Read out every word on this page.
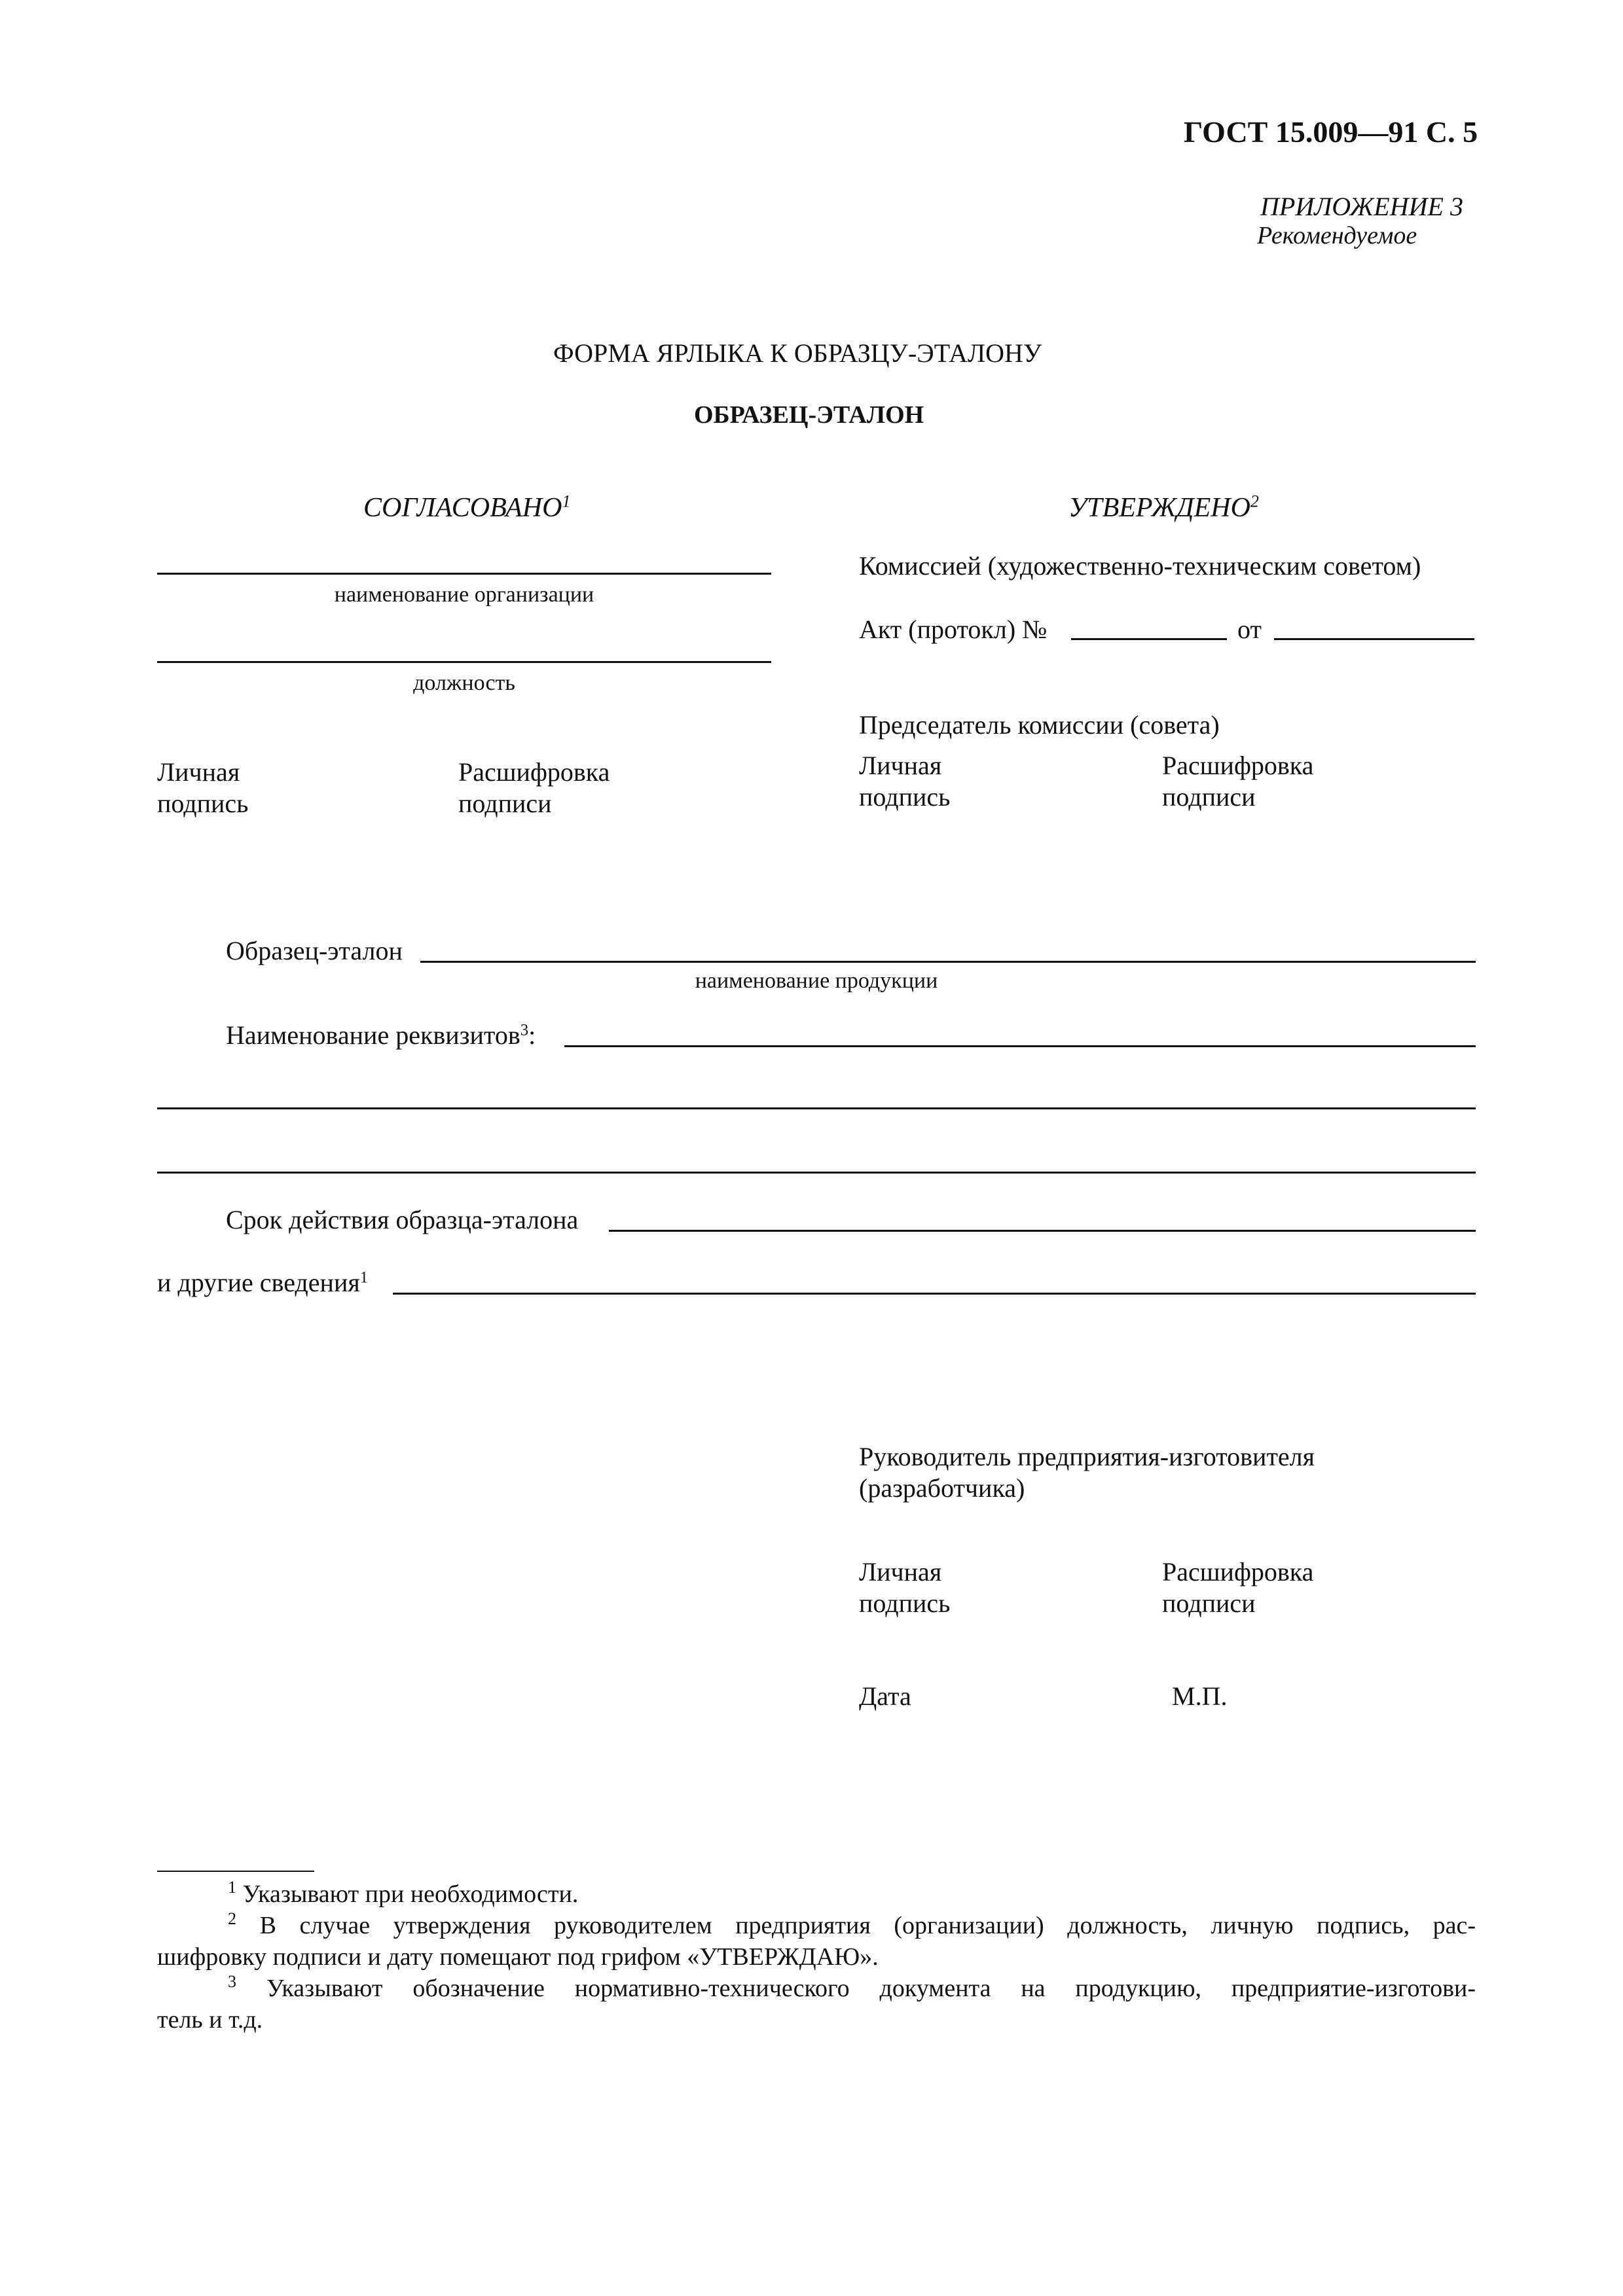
ГОСТ 15.009—91 С. 5
ПРИЛОЖЕНИЕ 3
Рекомендуемое
ФОРМА ЯРЛЫКА К ОБРАЗЦУ-ЭТАЛОНУ
ОБРАЗЕЦ-ЭТАЛОН
СОГЛАСОВАНО$^1$
наименование организации
должность
Личная
подпись
Расшифровка
подписи
УТВЕРЖДЕНО$^2$
Комиссией (художественно-техническим советом)
Акт (протокл) №	от
Председатель комиссии (совета)
Личная
подпись
Расшифровка
подписи
Образец-эталон
наименование продукции
Наименование реквизитов$^3$:
Срок действия образца-эталона
и другие сведения$^1$
Руководитель предприятия-изготовителя
(разработчика)
Личная
подпись
Расшифровка
подписи
Дата	М.П.
$^1$ Указывают при необходимости.
$^2$ В случае утверждения руководителем предприятия (организации) должность, личную подпись, рас-
шифровку подписи и дату помещают под грифом «УТВЕРЖДАЮ».
$^3$ Указывают обозначение нормативно-технического документа на продукцию, предприятие-изготови-
тель и т.д.
